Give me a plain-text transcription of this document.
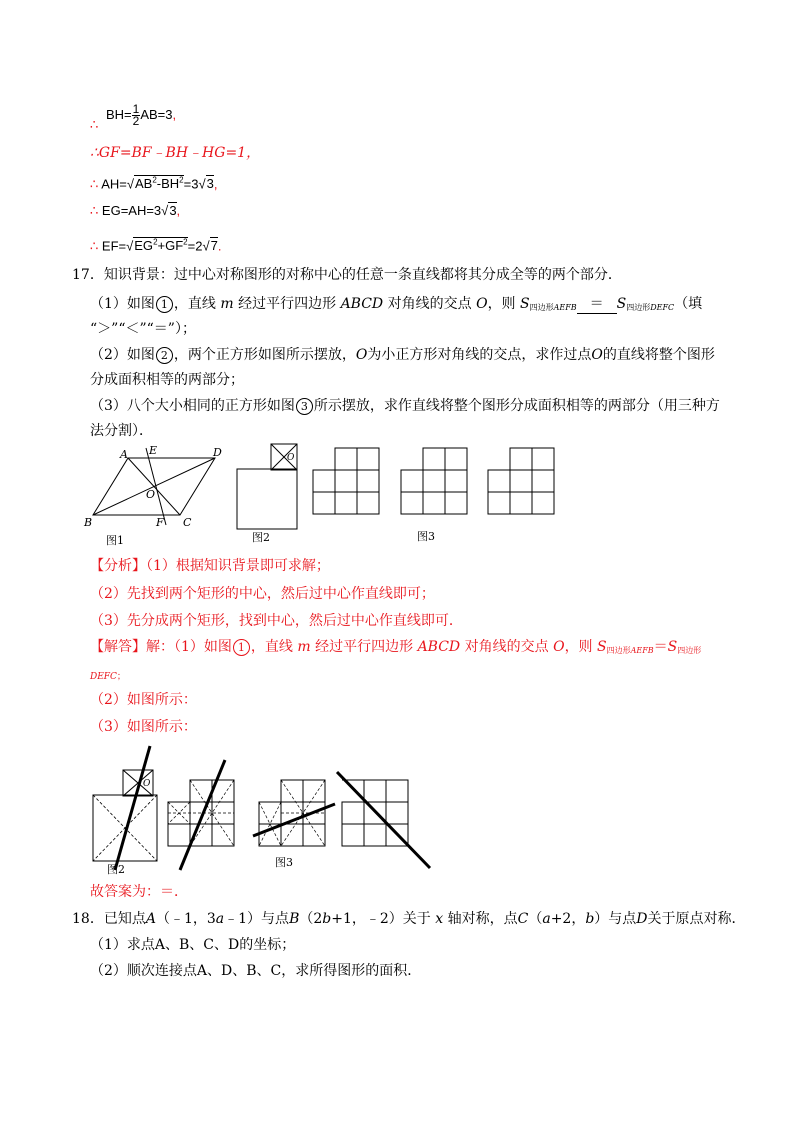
∴
$BH= \frac{1}{2} AB=3$,
∴GF=BF﹣BH﹣HG=1，
∴ $AH=√AB^2-BH^2=3√3$,
∴ EG=AH=3√3,
∴ $EF=√EG^2+GF^2=2√7$.
17．知识背景：过中心对称图形的对称中心的任意一条直线都将其分成全等的两个部分．
（1）如图 1 ，直线 m 经过平行四边形 ABCD 对角线的交点 O，则 $S_{四边形AEFB} = S_{四边形DEFC}$（填
“＞”“＜”“＝”）；
（2）如图 2 ，两个正方形如图所示摆放，O为小正方形对角线的交点，求作过点O的直线将整个图形
分成面积相等的两部分；
（3）八个大小相同的正方形如图 3 所示摆放，求作直线将整个图形分成面积相等的两部分（用三种方
法分割）．
A E	D
O
B	F C
图1
O
图2	图3
【分析】（1）根据知识背景即可求解；
（2）先找到两个矩形的中心，然后过中心作直线即可；
（3）先分成两个矩形，找到中心，然后过中心作直线即可．
【解答】解：（1）如图 1 ，直线 m 经过平行四边形 ABCD 对角线的交点 O，则 $S_{四边形AEFB}=S_{四边形}$
DEFC；
（2）如图所示：
（3）如图所示：
O
图2
图3
故答案为：＝．
18．已知点A（﹣1，3a﹣1）与点B（2b+1，﹣2）关于 x 轴对称，点C（a+2，b）与点D关于原点对称．
（1）求点A、B、C、D的坐标；
（2）顺次连接点A、D、B、C，求所得图形的面积．
